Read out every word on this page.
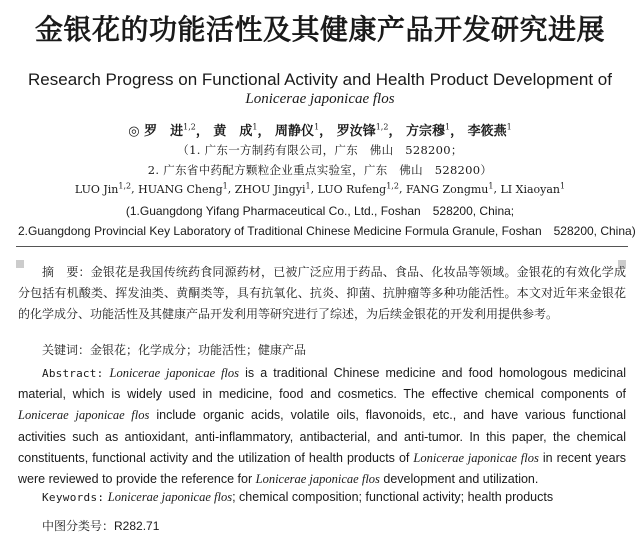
金银花的功能活性及其健康产品开发研究进展
Research Progress on Functional Activity and Health Product Development of
Lonicerae japonicae flos
◎ 罗　进$^{1,2}$， 黄　成$^1$， 周静仪$^1$， 罗汝锋$^{1,2}$， 方宗穆$^1$， 李筱燕$^1$
（1. 广东一方制药有限公司，广东　佛山　528200；
2. 广东省中药配方颗粒企业重点实验室，广东　佛山　528200）
LUO Jin$^{1,2}$, HUANG Cheng$^1$, ZHOU Jingyi$^1$, LUO Rufeng$^{1,2}$, FANG Zongmu$^1$, LI Xiaoyan$^1$
(1.Guangdong Yifang Pharmaceutical Co., Ltd., Foshan　528200, China;
2.Guangdong Provincial Key Laboratory of Traditional Chinese Medicine Formula Granule, Foshan　528200, China)
摘　要：金银花是我国传统药食同源药材，已被广泛应用于药品、食品、化妆品等领域。金银花的有效化学成分包括有机酸类、挥发油类、黄酮类等，具有抗氧化、抗炎、抑菌、抗肿瘤等多种功能活性。本文对近年来金银花的化学成分、功能活性及其健康产品开发利用等研究进行了综述，为后续金银花的开发利用提供参考。
关键词：金银花；化学成分；功能活性；健康产品
Abstract: Lonicerae japonicae flos is a traditional Chinese medicine and food homologous medicinal material, which is widely used in medicine, food and cosmetics. The effective chemical components of Lonicerae japonicae flos include organic acids, volatile oils, flavonoids, etc., and have various functional activities such as antioxidant, anti-inflammatory, antibacterial, and anti-tumor. In this paper, the chemical constituents, functional activity and the utilization of health products of Lonicerae japonicae flos in recent years were reviewed to provide the reference for Lonicerae japonicae flos development and utilization.
Keywords: Lonicerae japonicae flos; chemical composition; functional activity; health products
中图分类号：R282.71
